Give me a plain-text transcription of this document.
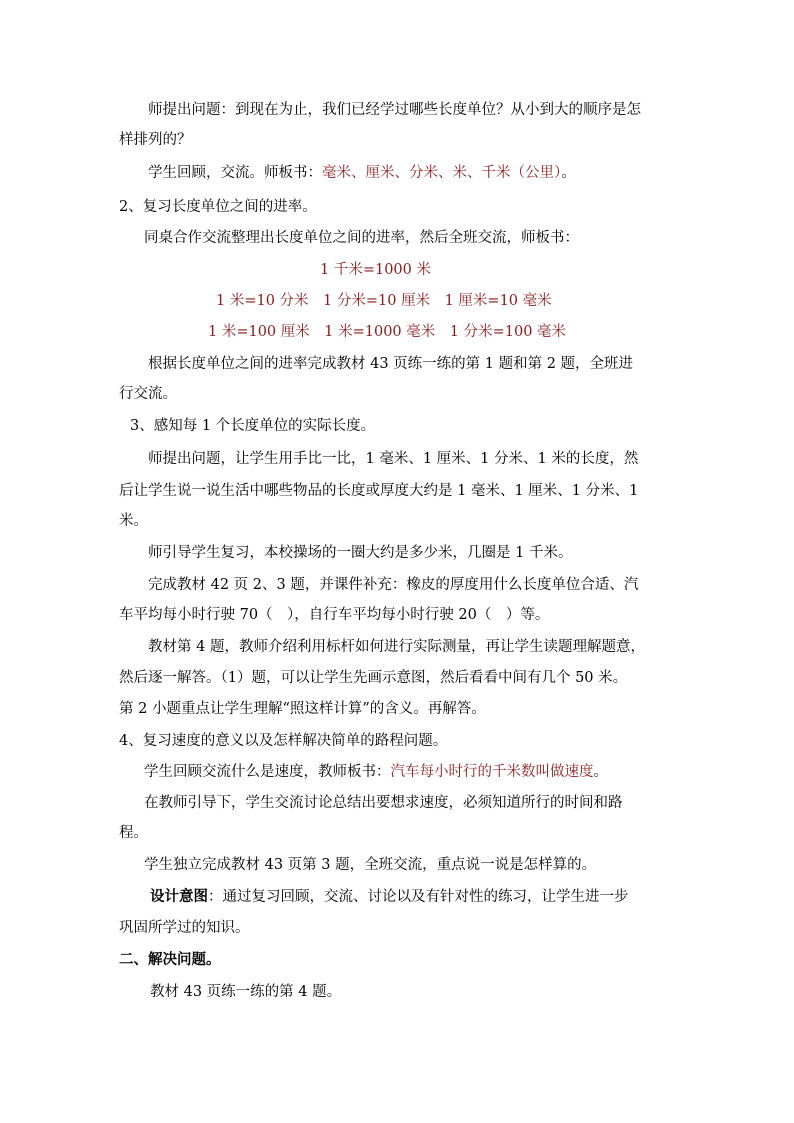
师提出问题：到现在为止，我们已经学过哪些长度单位？从小到大的顺序是怎
样排列的？
学生回顾，交流。师板书：毫米、厘米、分米、米、千米（公里）。
2、复习长度单位之间的进率。
同桌合作交流整理出长度单位之间的进率，然后全班交流，师板书：
1 千米=1000 米
1 米=10 分米　1 分米=10 厘米　1 厘米=10 毫米
1 米=100 厘米　1 米=1000 毫米　1 分米=100 毫米
根据长度单位之间的进率完成教材 43 页练一练的第 1 题和第 2 题，全班进
行交流。
3、感知每 1 个长度单位的实际长度。
师提出问题，让学生用手比一比，1 毫米、1 厘米、1 分米、1 米的长度，然
后让学生说一说生活中哪些物品的长度或厚度大约是 1 毫米、1 厘米、1 分米、1
米。
师引导学生复习，本校操场的一圈大约是多少米，几圈是 1 千米。
完成教材 42 页 2、3 题，并课件补充：橡皮的厚度用什么长度单位合适、汽
车平均每小时行驶 70（　），自行车平均每小时行驶 20（　）等。
教材第 4 题，教师介绍利用标杆如何进行实际测量，再让学生读题理解题意，
然后逐一解答。（1）题，可以让学生先画示意图，然后看看中间有几个 50 米。
第 2 小题重点让学生理解“照这样计算”的含义。再解答。
4、复习速度的意义以及怎样解决简单的路程问题。
学生回顾交流什么是速度，教师板书：汽车每小时行的千米数叫做速度。
在教师引导下，学生交流讨论总结出要想求速度，必须知道所行的时间和路
程。
学生独立完成教材 43 页第 3 题，全班交流，重点说一说是怎样算的。
设计意图：通过复习回顾，交流、讨论以及有针对性的练习，让学生进一步
巩固所学过的知识。
二、解决问题。
教材 43 页练一练的第 4 题。
